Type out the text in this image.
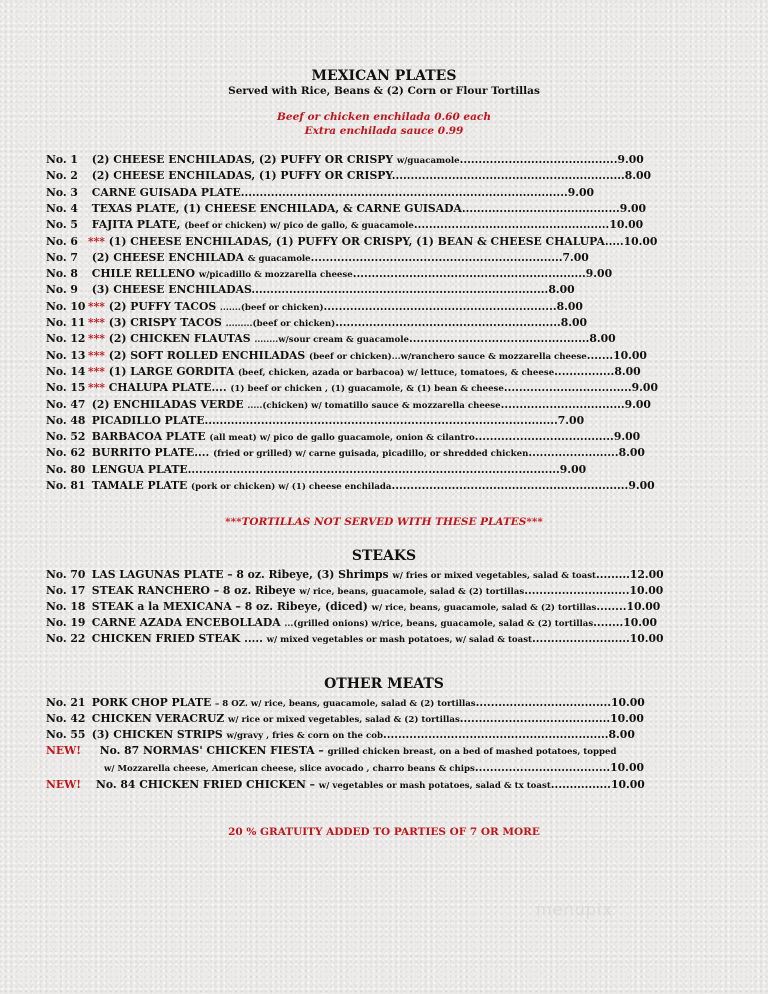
MEXICAN PLATES
Served with Rice, Beans & (2) Corn or Flour Tortillas
Beef or chicken enchilada 0.60 each
Extra enchilada sauce 0.99
No. 1 (2) CHEESE ENCHILADAS, (2) PUFFY OR CRISPY w/guacamole..........................................9.00
No. 2 (2) CHEESE ENCHILADAS, (1) PUFFY OR CRISPY..............................................................8.00
No. 3 CARNE GUISADA PLATE.......................................................................................9.00
No. 4 TEXAS PLATE, (1) CHEESE ENCHILADA, & CARNE GUISADA..........................................9.00
No. 5 FAJITA PLATE, (beef or chicken) w/ pico de gallo, & guacamole....................................................10.00
No. 6 *** (1) CHEESE ENCHILADAS, (1) PUFFY OR CRISPY, (1) BEAN & CHEESE CHALUPA.....10.00
No. 7 (2) CHEESE ENCHILADA & guacamole...................................................................7.00
No. 8 CHILE RELLENO w/picadillo & mozzarella cheese..............................................................9.00
No. 9 (3) CHEESE ENCHILADAS...............................................................................8.00
No. 10 *** (2) PUFFY TACOS .......(beef or chicken)..............................................................8.00
No. 11 *** (3) CRISPY TACOS .........(beef or chicken)............................................................8.00
No. 12 *** (2) CHICKEN FLAUTAS ........w/sour cream & guacamole................................................8.00
No. 13 *** (2) SOFT ROLLED ENCHILADAS (beef or chicken)...w/ranchero sauce & mozzarella cheese.......10.00
No. 14 *** (1) LARGE GORDITA (beef, chicken, azada or barbacoa) w/ lettuce, tomatoes, & cheese................8.00
No. 15 *** CHALUPA PLATE.... (1) beef or chicken , (1) guacamole, & (1) bean & cheese..................................9.00
No. 47 (2) ENCHILADAS VERDE .....(chicken) w/ tomatillo sauce & mozzarella cheese.................................9.00
No. 48 PICADILLO PLATE..............................................................................................7.00
No. 52 BARBACOA PLATE (all meat) w/ pico de gallo guacamole, onion & cilantro.....................................9.00
No. 62 BURRITO PLATE.... (fried or grilled) w/ carne guisada, picadillo, or shredded chicken........................8.00
No. 80 LENGUA PLATE...................................................................................................9.00
No. 81 TAMALE PLATE (pork or chicken) w/ (1) cheese enchilada...............................................................9.00
***TORTILLAS NOT SERVED WITH THESE PLATES***
STEAKS
No. 70 LAS LAGUNAS PLATE – 8 oz. Ribeye, (3) Shrimps w/ fries or mixed vegetables, salad & toast.........12.00
No. 17 STEAK RANCHERO – 8 oz. Ribeye w/ rice, beans, guacamole, salad & (2) tortillas............................10.00
No. 18 STEAK a la MEXICANA – 8 oz. Ribeye, (diced) w/ rice, beans, guacamole, salad & (2) tortillas........10.00
No. 19 CARNE AZADA ENCEBOLLADA ...(grilled onions) w/rice, beans, guacamole, salad & (2) tortillas........10.00
No. 22 CHICKEN FRIED STEAK ..... w/ mixed vegetables or mash potatoes, w/ salad & toast..........................10.00
OTHER MEATS
No. 21 PORK CHOP PLATE – 8 OZ. w/ rice, beans, guacamole, salad & (2) tortillas....................................10.00
No. 42 CHICKEN VERACRUZ w/ rice or mixed vegetables, salad & (2) tortillas........................................10.00
No. 55 (3) CHICKEN STRIPS w/gravy , fries & corn on the cob............................................................8.00
NEW! No. 87 NORMAS' CHICKEN FIESTA – grilled chicken breast, on a bed of mashed potatoes, topped
w/ Mozzarella cheese, American cheese, slice avocado , charro beans & chips....................................10.00
NEW! No. 84 CHICKEN FRIED CHICKEN – w/ vegetables or mash potatoes, salad & tx toast................10.00
20 % GRATUITY ADDED TO PARTIES OF 7 OR MORE
menupix
